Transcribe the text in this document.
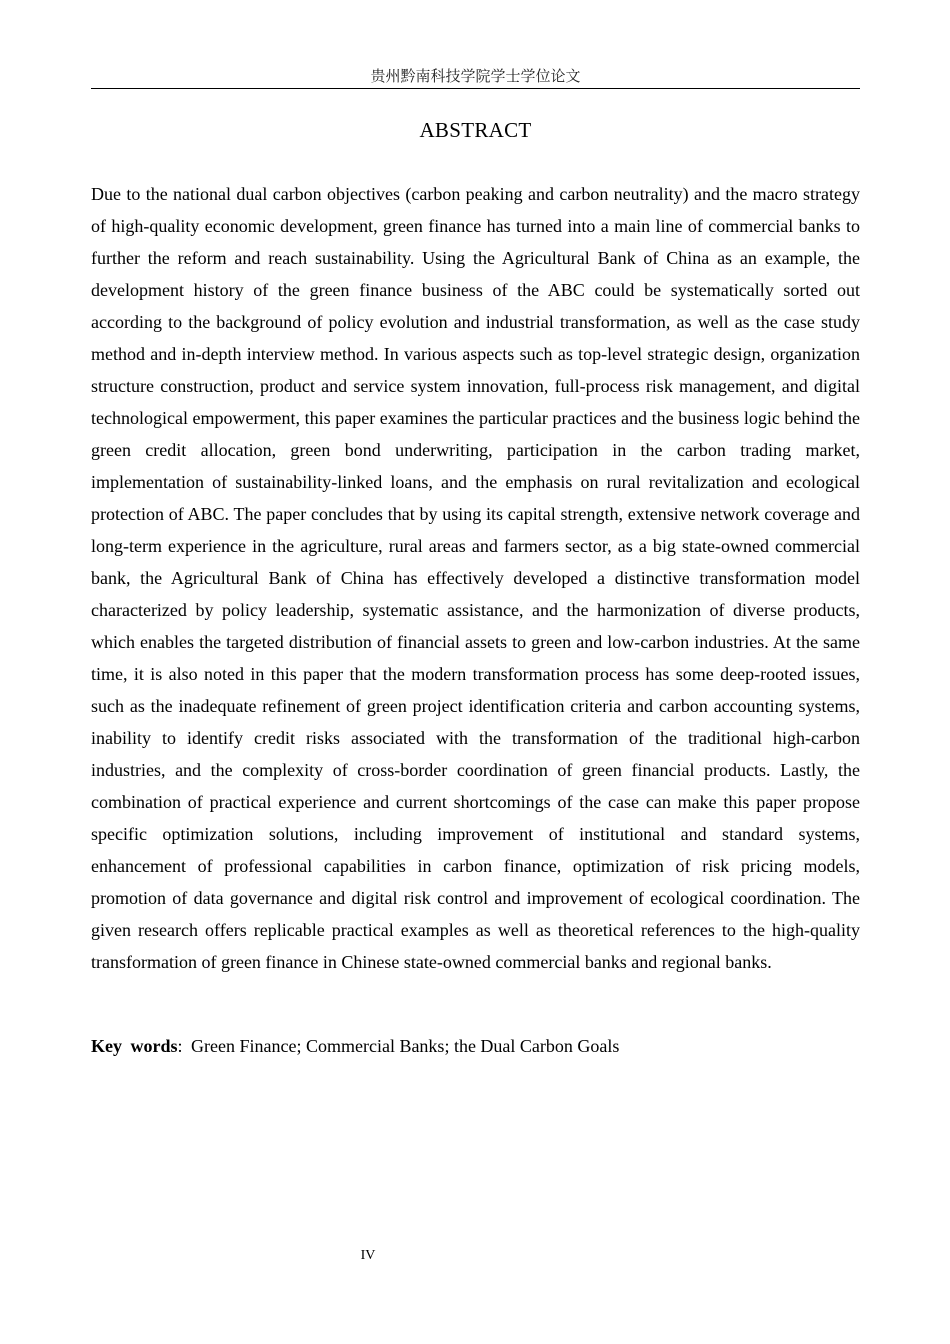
贵州黔南科技学院学士学位论文
ABSTRACT

Due to the national dual carbon objectives (carbon peaking and carbon neutrality) and the macro strategy of high-quality economic development, green finance has turned into a main line of commercial banks to further the reform and reach sustainability. Using the Agricultural Bank of China as an example, the development history of the green finance business of the ABC could be systematically sorted out according to the background of policy evolution and industrial transformation, as well as the case study method and in-depth interview method. In various aspects such as top-level strategic design, organization structure construction, product and service system innovation, full-process risk management, and digital technological empowerment, this paper examines the particular practices and the business logic behind the green credit allocation, green bond underwriting, participation in the carbon trading market, implementation of sustainability-linked loans, and the emphasis on rural revitalization and ecological protection of ABC. The paper concludes that by using its capital strength, extensive network coverage and long-term experience in the agriculture, rural areas and farmers sector, as a big state-owned commercial bank, the Agricultural Bank of China has effectively developed a distinctive transformation model characterized by policy leadership, systematic assistance, and the harmonization of diverse products, which enables the targeted distribution of financial assets to green and low-carbon industries. At the same time, it is also noted in this paper that the modern transformation process has some deep-rooted issues, such as the inadequate refinement of green project identification criteria and carbon accounting systems, inability to identify credit risks associated with the transformation of the traditional high-carbon industries, and the complexity of cross-border coordination of green financial products. Lastly, the combination of practical experience and current shortcomings of the case can make this paper propose specific optimization solutions, including improvement of institutional and standard systems, enhancement of professional capabilities in carbon finance, optimization of risk pricing models, promotion of data governance and digital risk control and improvement of ecological coordination. The given research offers replicable practical examples as well as theoretical references to the high-quality transformation of green finance in Chinese state-owned commercial banks and regional banks.

Key words: Green Finance; Commercial Banks; the Dual Carbon Goals

IV
